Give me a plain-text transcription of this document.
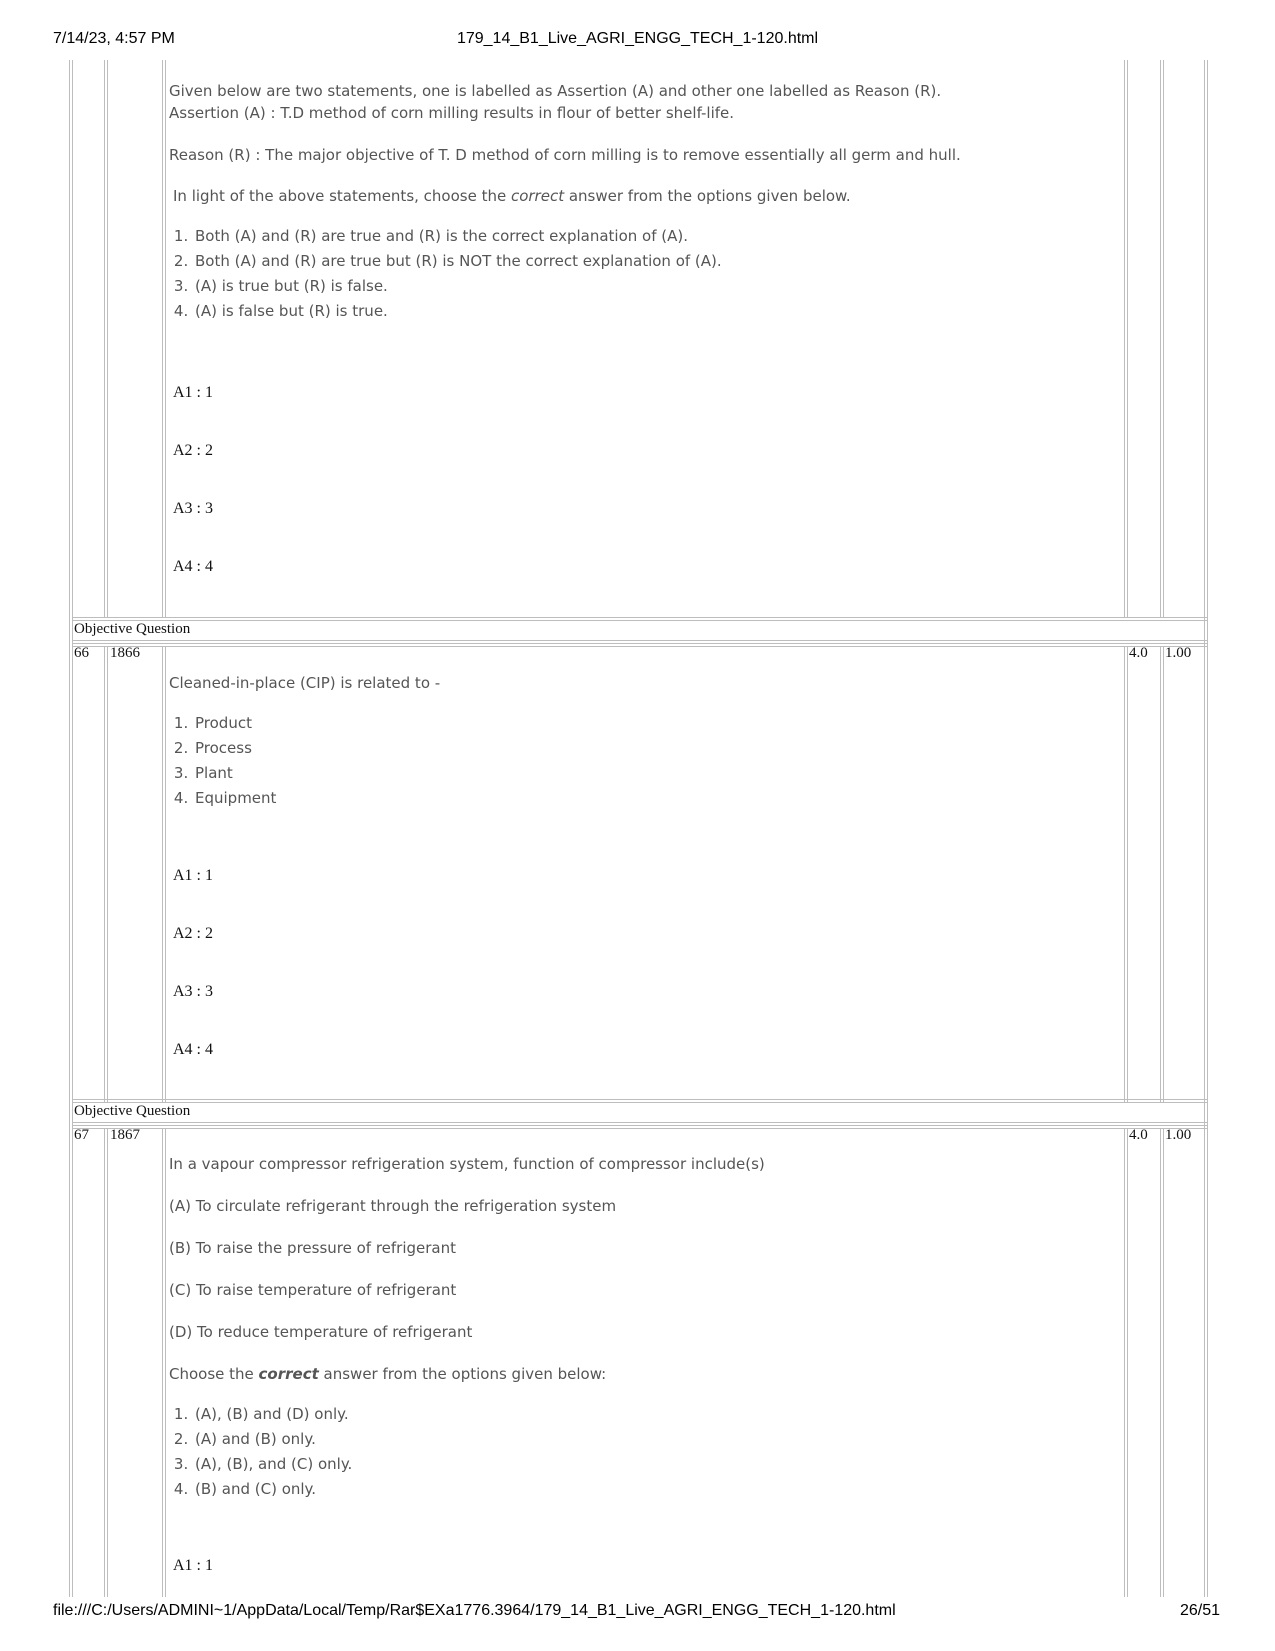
7/14/23, 4:57 PM	179_14_B1_Live_AGRI_ENGG_TECH_1-120.html

Given below are two statements, one is labelled as Assertion (A) and other one labelled as Reason (R).

Assertion (A) : T.D method of corn milling results in flour of better shelf-life.

Reason (R) : The major objective of T. D method of corn milling is to remove essentially all germ and hull.

In light of the above statements, choose the correct answer from the options given below.

1. Both (A) and (R) are true and (R) is the correct explanation of (A).
2. Both (A) and (R) are true but (R) is NOT the correct explanation of (A).
3. (A) is true but (R) is false.
4. (A) is false but (R) is true.
A1 : 1
A2 : 2
A3 : 3
A4 : 4
Objective Question
66 1866	4.0 1.00

Cleaned-in-place (CIP) is related to -

1. Product
2. Process
3. Plant
4. Equipment
A1 : 1
A2 : 2
A3 : 3
A4 : 4
Objective Question
67 1867	4.0 1.00

In a vapour compressor refrigeration system, function of compressor include(s)

(A) To circulate refrigerant through the refrigeration system

(B) To raise the pressure of refrigerant

(C) To raise temperature of refrigerant

(D) To reduce temperature of refrigerant

Choose the correct answer from the options given below:

1. (A), (B) and (D) only.
2. (A) and (B) only.
3. (A), (B), and (C) only.
4. (B) and (C) only.
A1 : 1
file:///C:/Users/ADMINI~1/AppData/Local/Temp/Rar$EXa1776.3964/179_14_B1_Live_AGRI_ENGG_TECH_1-120.html	26/51
